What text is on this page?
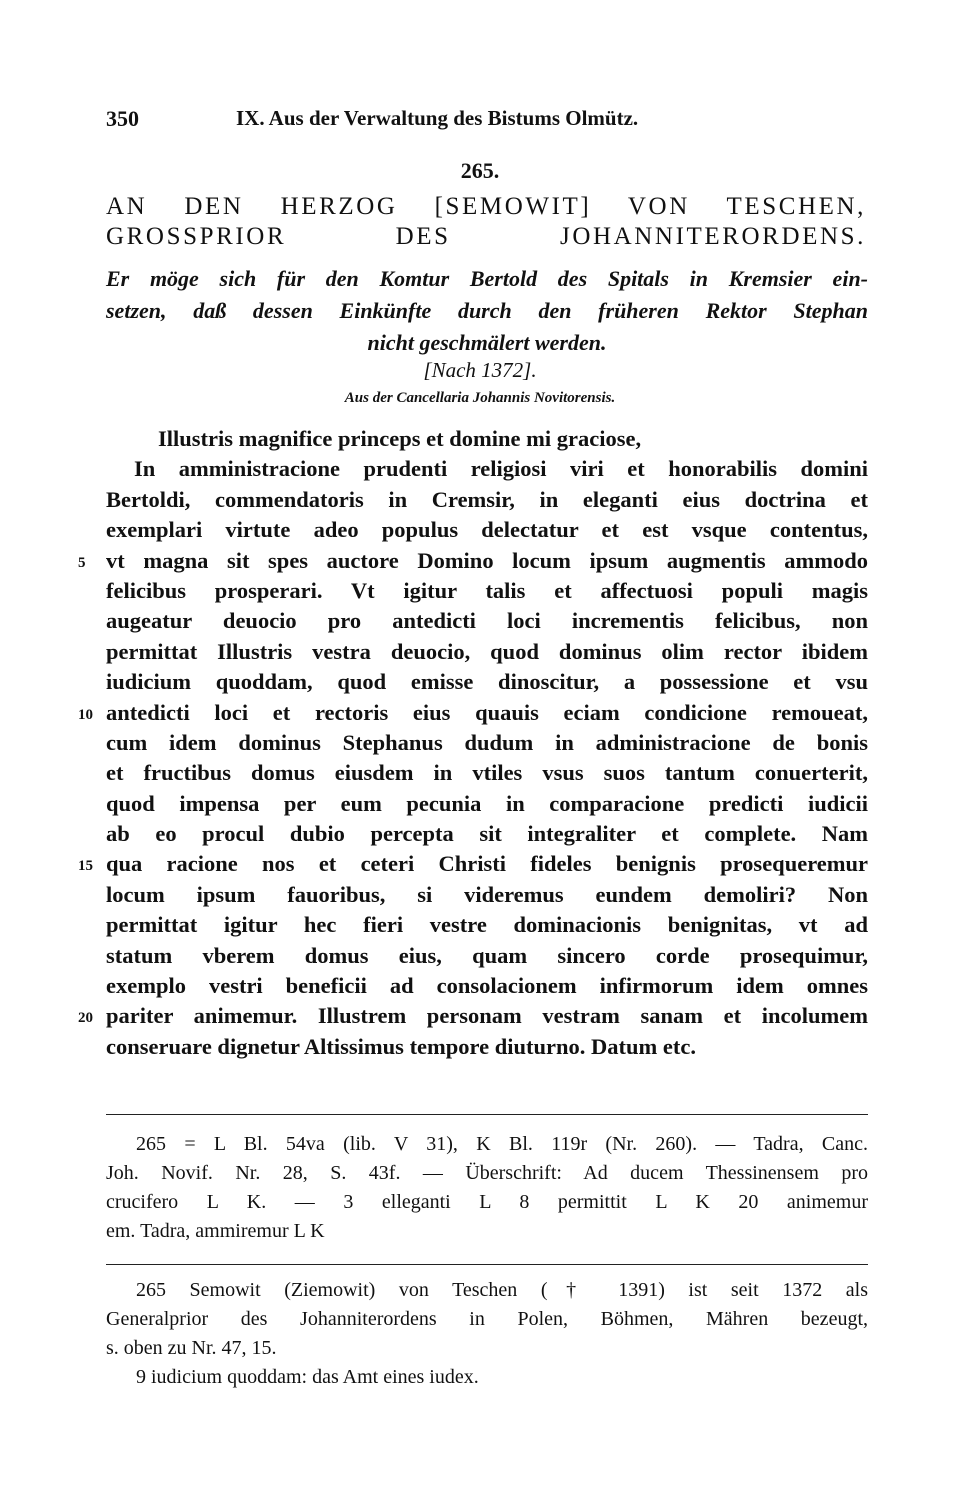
350	IX. Aus der Verwaltung des Bistums Olmütz.
265.
AN DEN HERZOG [SEMOWIT] VON TESCHEN,
GROSSPRIOR DES JOHANNITERORDENS.
Er möge sich für den Komtur Bertold des Spitals in Kremsier ein-
setzen, daß dessen Einkünfte durch den früheren Rektor Stephan
nicht geschmälert werden.
[Nach 1372].
Aus der Cancellaria Johannis Novitorensis.
Illustris magnifice princeps et domine mi graciose,
In amministracione prudenti religiosi viri et honorabilis domini
Bertoldi, commendatoris in Cremsir, in eleganti eius doctrina et
exemplari virtute adeo populus delectatur et est vsque contentus,
5 vt magna sit spes auctore Domino locum ipsum augmentis ammodo
felicibus prosperari. Vt igitur talis et affectuosi populi magis
augeatur deuocio pro antedicti loci incrementis felicibus, non
permittat Illustris vestra deuocio, quod dominus olim rector ibidem
iudicium quoddam, quod emisse dinoscitur, a possessione et vsu
10 antedicti loci et rectoris eius quauis eciam condicione remoueat,
cum idem dominus Stephanus dudum in administracione de bonis
et fructibus domus eiusdem in vtiles vsus suos tantum conuerterit,
quod impensa per eum pecunia in comparacione predicti iudicii
ab eo procul dubio percepta sit integraliter et complete. Nam
15 qua racione nos et ceteri Christi fideles benignis prosequeremur
locum ipsum fauoribus, si videremus eundem demoliri? Non
permittat igitur hec fieri vestre dominacionis benignitas, vt ad
statum vberem domus eius, quam sincero corde prosequimur,
exemplo vestri beneficii ad consolacionem infirmorum idem omnes
20 pariter animemur. Illustrem personam vestram sanam et incolumem
conseruare dignetur Altissimus tempore diuturno. Datum etc.
265 = L Bl. 54va (lib. V 31), K Bl. 119r (Nr. 260). — Tadra, Canc.
Joh. Novif. Nr. 28, S. 43f. — Überschrift: Ad ducem Thessinensem pro
crucifero L K. — 3 elleganti L 8 permittit L K 20 animemur
em. Tadra, ammiremur L K
265 Semowit (Ziemowit) von Teschen († 1391) ist seit 1372 als
Generalprior des Johanniterordens in Polen, Böhmen, Mähren bezeugt,
s. oben zu Nr. 47, 15.
9 iudicium quoddam: das Amt eines iudex.
